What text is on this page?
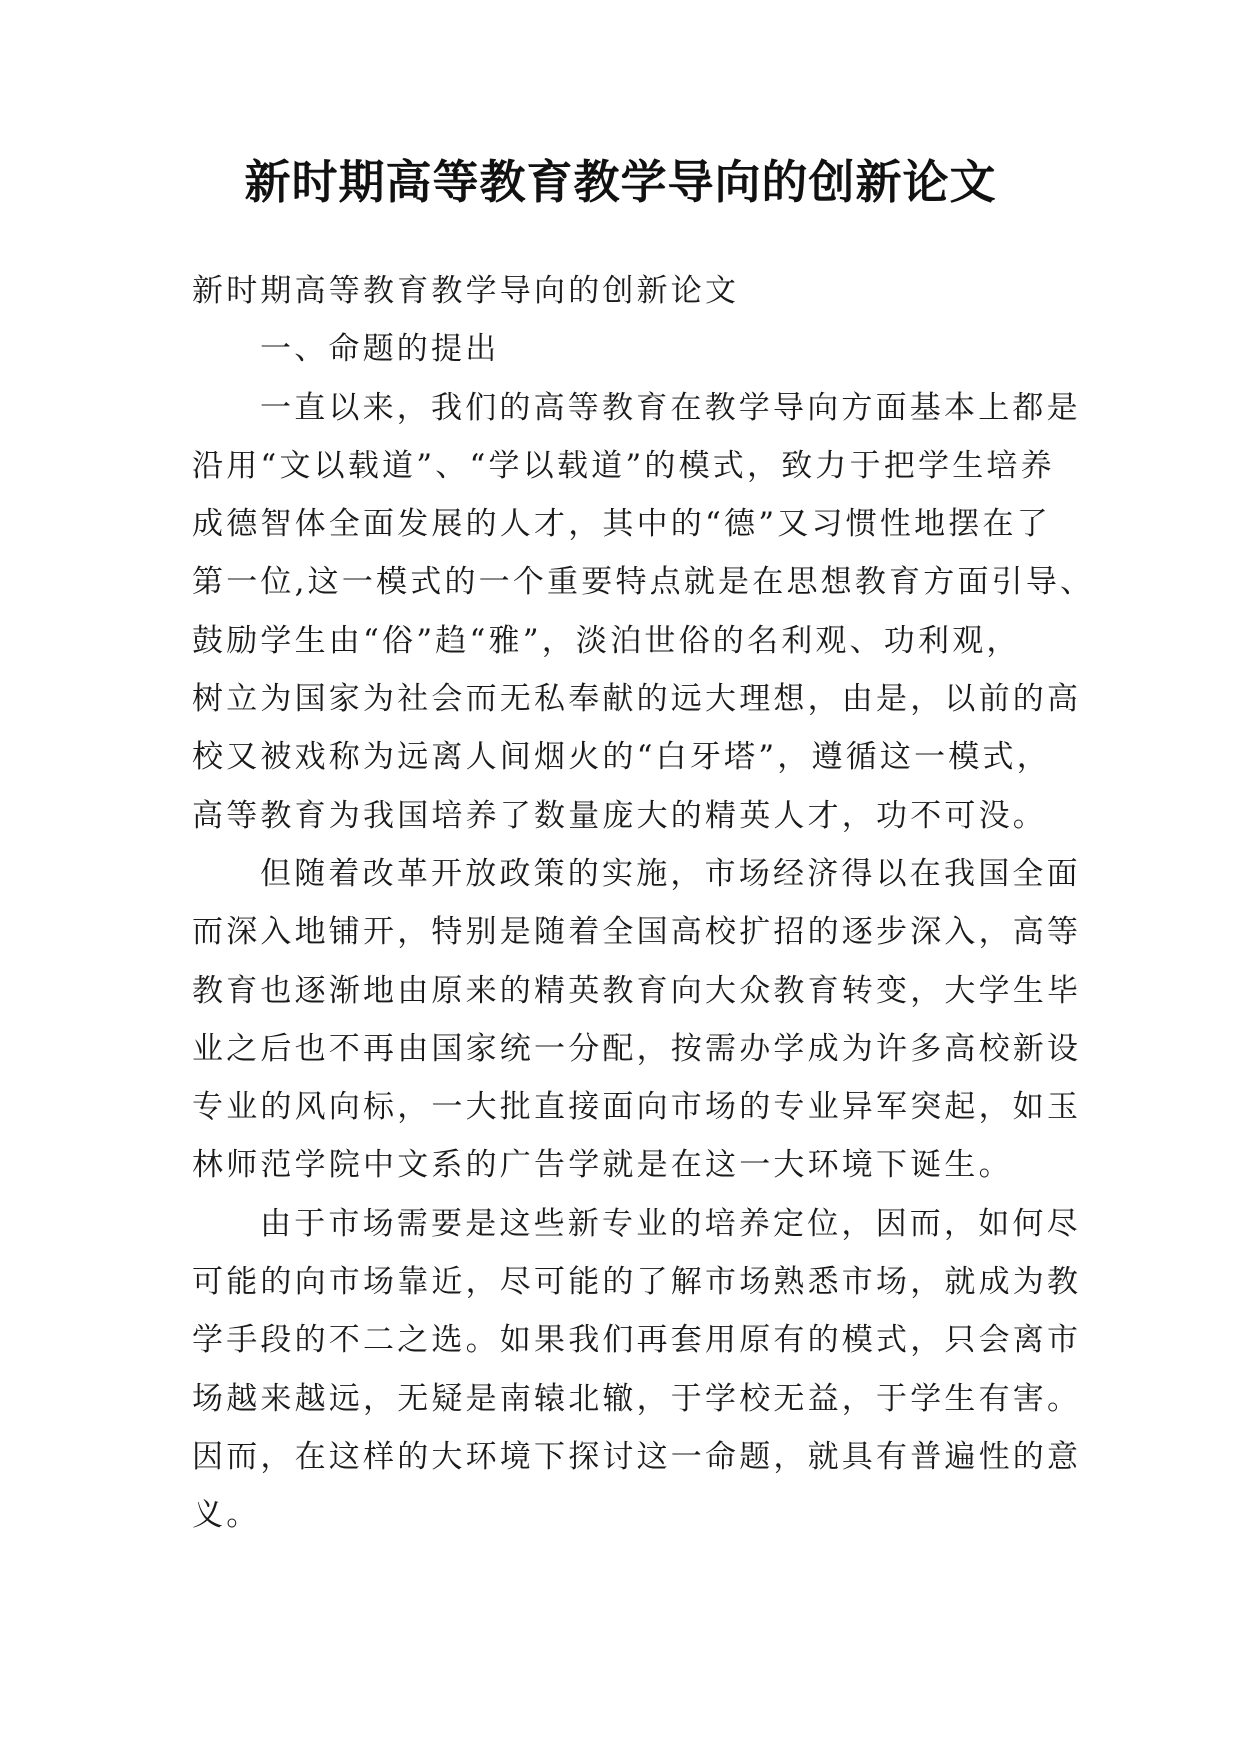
新时期高等教育教学导向的创新论文
新时期高等教育教学导向的创新论文
一、命题的提出
一直以来，我们的高等教育在教学导向方面基本上都是
沿用“文以载道”、“学以载道”的模式，致力于把学生培养
成德智体全面发展的人才，其中的“德”又习惯性地摆在了
第一位,这一模式的一个重要特点就是在思想教育方面引导、
鼓励学生由“俗”趋“雅”，淡泊世俗的名利观、功利观，
树立为国家为社会而无私奉献的远大理想，由是，以前的高
校又被戏称为远离人间烟火的“白牙塔”，遵循这一模式，
高等教育为我国培养了数量庞大的精英人才，功不可没。
但随着改革开放政策的实施，市场经济得以在我国全面
而深入地铺开，特别是随着全国高校扩招的逐步深入，高等
教育也逐渐地由原来的精英教育向大众教育转变，大学生毕
业之后也不再由国家统一分配，按需办学成为许多高校新设
专业的风向标，一大批直接面向市场的专业异军突起，如玉
林师范学院中文系的广告学就是在这一大环境下诞生。
由于市场需要是这些新专业的培养定位，因而，如何尽
可能的向市场靠近，尽可能的了解市场熟悉市场，就成为教
学手段的不二之选。如果我们再套用原有的模式，只会离市
场越来越远，无疑是南辕北辙，于学校无益，于学生有害。
因而，在这样的大环境下探讨这一命题，就具有普遍性的意
义。
